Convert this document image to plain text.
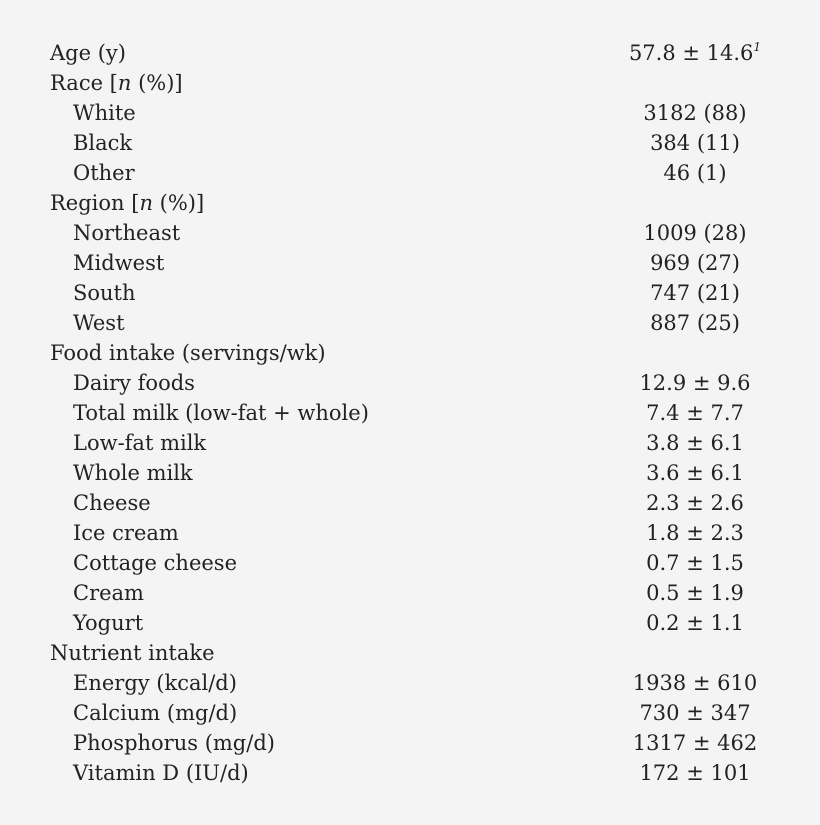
Age (y)	$57.8 \pm 14.6^1$
Race [n (%)]
White	3182 (88)
Black	384 (11)
Other	46 (1)
Region [n (%)]
Northeast	1009 (28)
Midwest	969 (27)
South	747 (21)
West	887 (25)
Food intake (servings/wk)
Dairy foods	12.9 ± 9.6
Total milk (low-fat + whole)	7.4 ± 7.7
Low-fat milk	3.8 ± 6.1
Whole milk	3.6 ± 6.1
Cheese	2.3 ± 2.6
Ice cream	1.8 ± 2.3
Cottage cheese	0.7 ± 1.5
Cream	0.5 ± 1.9
Yogurt	0.2 ± 1.1
Nutrient intake
Energy (kcal/d)	1938 ± 610
Calcium (mg/d)	730 ± 347
Phosphorus (mg/d)	1317 ± 462
Vitamin D (IU/d)	172 ± 101
